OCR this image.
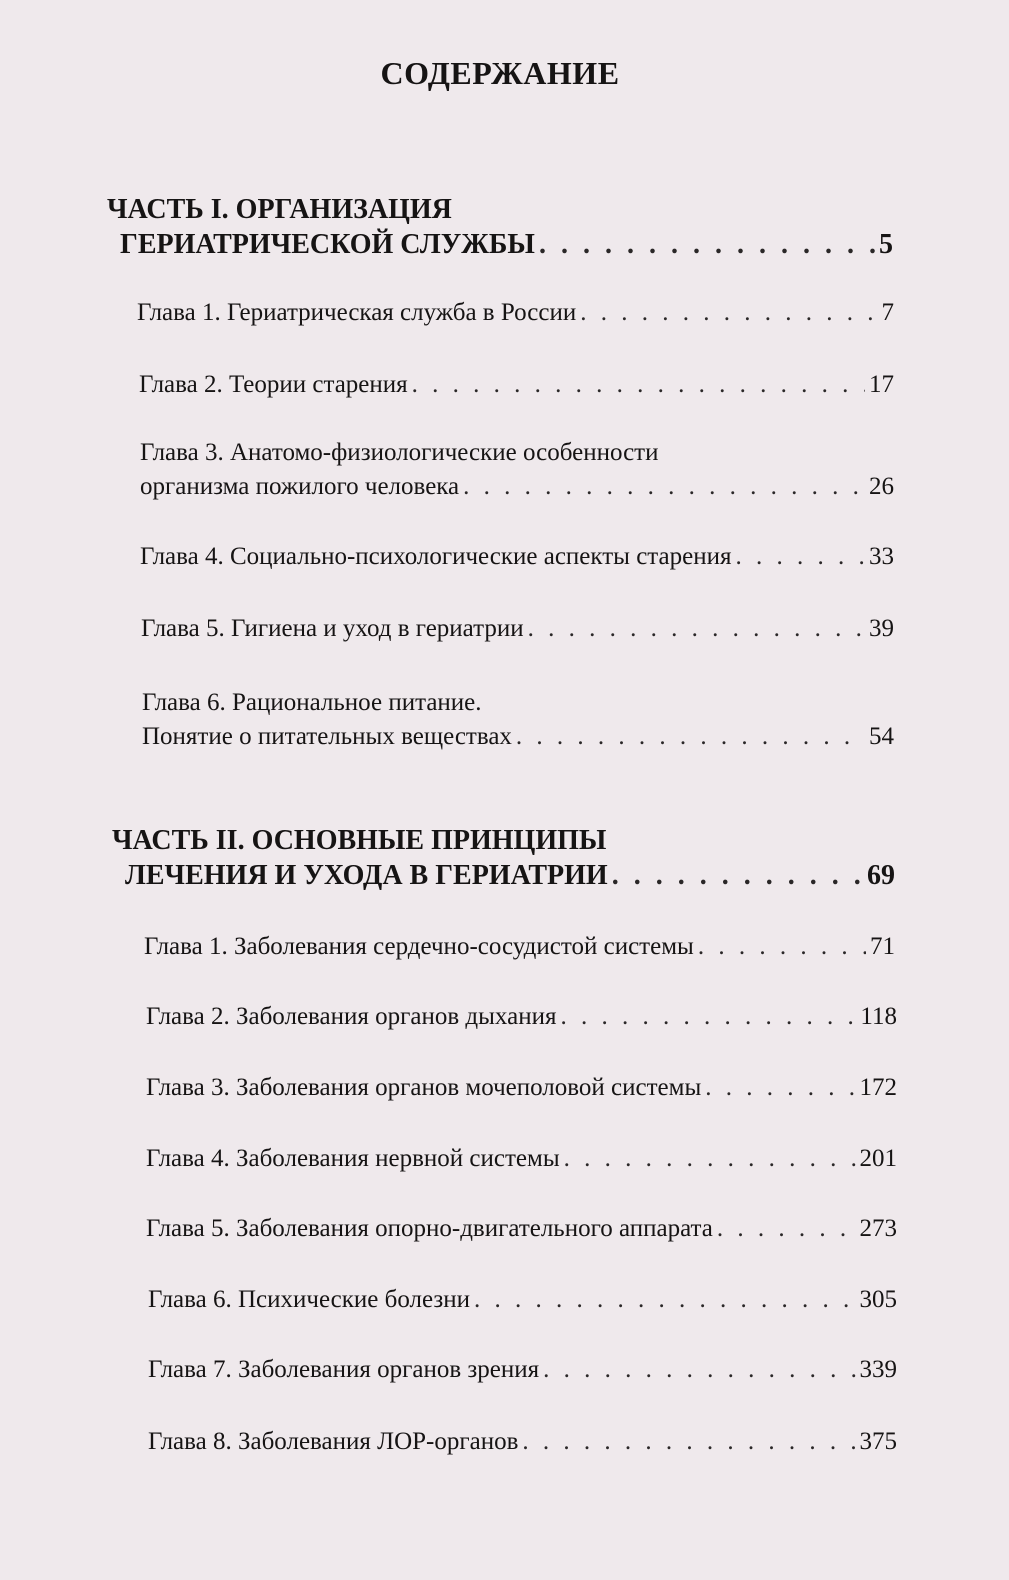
СОДЕРЖАНИЕ
ЧАСТЬ I. ОРГАНИЗАЦИЯ
ГЕРИАТРИЧЕСКОЙ СЛУЖБЫ . . .	5
Глава 1. Гериатрическая служба в России . . .	7
Глава 2. Теории старения . . .	17
Глава 3. Анатомо-физиологические особенности
организма пожилого человека . . .	26
Глава 4. Социально-психологические аспекты старения . . .	33
Глава 5. Гигиена и уход в гериатрии . . .	39
Глава 6. Рациональное питание.
Понятие о питательных веществах . . .	54
ЧАСТЬ II. ОСНОВНЫЕ ПРИНЦИПЫ
ЛЕЧЕНИЯ И УХОДА В ГЕРИАТРИИ . . .	69
Глава 1. Заболевания сердечно-сосудистой системы . . .	71
Глава 2. Заболевания органов дыхания . . .	118
Глава 3. Заболевания органов мочеполовой системы . . .	172
Глава 4. Заболевания нервной системы . . .	201
Глава 5. Заболевания опорно-двигательного аппарата . . .	273
Глава 6. Психические болезни . . .	305
Глава 7. Заболевания органов зрения . . .	339
Глава 8. Заболевания ЛОР-органов . . .	375
